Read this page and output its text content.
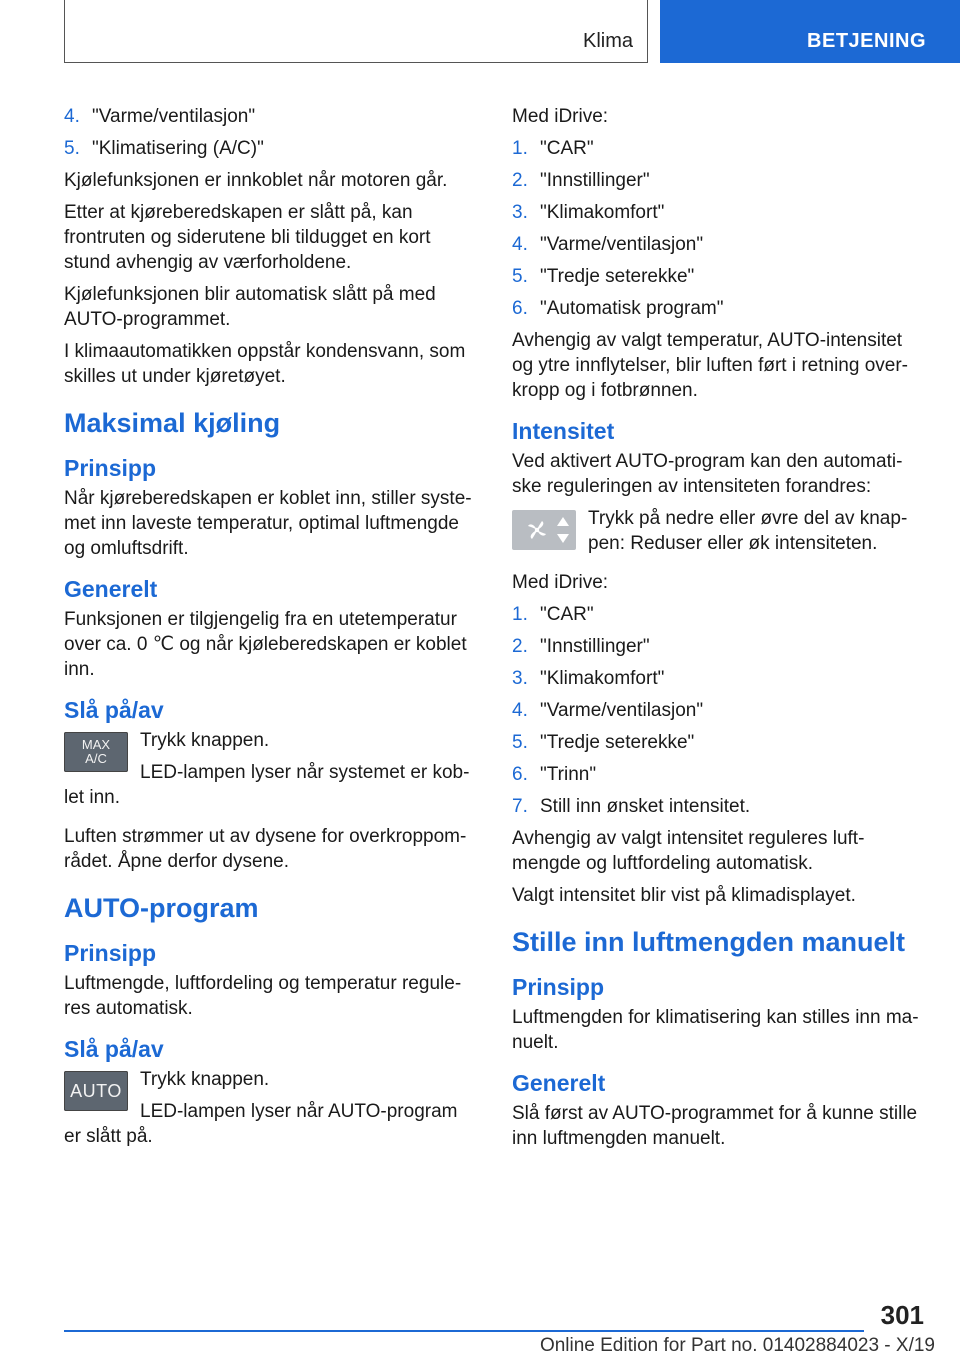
Klima	BETJENING
4. "Varme/ventilasjon"
5. "Klimatisering (A/C)"

Kjølefunksjonen er innkoblet når motoren går.

Etter at kjøreberedskapen er slått på, kan frontruten og siderutene bli tildugget en kort stund avhengig av værforholdene.

Kjølefunksjonen blir automatisk slått på med AUTO-programmet.

I klimaautomatikken oppstår kondensvann, som skilles ut under kjøretøyet.

Maksimal kjøling
Prinsipp

Når kjøreberedskapen er koblet inn, stiller systemet inn laveste temperatur, optimal luftmengde og omluftsdrift.

Generelt

Funksjonen er tilgjengelig fra en utetemperatur over ca. 0 ℃ og når kjøleberedskapen er koblet inn.

Slå på/av
MAX
A/C

Trykk knappen.

LED-lampen lyser når systemet er koblet inn.

Luften strømmer ut av dysene for overkroppområdet. Åpne derfor dysene.

AUTO-program
Prinsipp

Luftmengde, luftfordeling og temperatur reguleres automatisk.

Slå på/av
AUTO

Trykk knappen.

LED-lampen lyser når AUTO-program er slått på.

Med iDrive:

1. "CAR"
2. "Innstillinger"
3. "Klimakomfort"
4. "Varme/ventilasjon"
5. "Tredje seterekke"
6. "Automatisk program"

Avhengig av valgt temperatur, AUTO-intensitet og ytre innflytelser, blir luften ført i retning overkropp og i fotbrønnen.

Intensitet

Ved aktivert AUTO-program kan den automatiske reguleringen av intensiteten forandres:

Trykk på nedre eller øvre del av knappen: Reduser eller øk intensiteten.

Med iDrive:

1. "CAR"
2. "Innstillinger"
3. "Klimakomfort"
4. "Varme/ventilasjon"
5. "Tredje seterekke"
6. "Trinn"
7. Still inn ønsket intensitet.

Avhengig av valgt intensitet reguleres luftmengde og luftfordeling automatisk.

Valgt intensitet blir vist på klimadisplayet.

Stille inn luftmengden manuelt
Prinsipp

Luftmengden for klimatisering kan stilles inn manuelt.

Generelt

Slå først av AUTO-programmet for å kunne stille inn luftmengden manuelt.

301
Online Edition for Part no. 01402884023 - X/19
